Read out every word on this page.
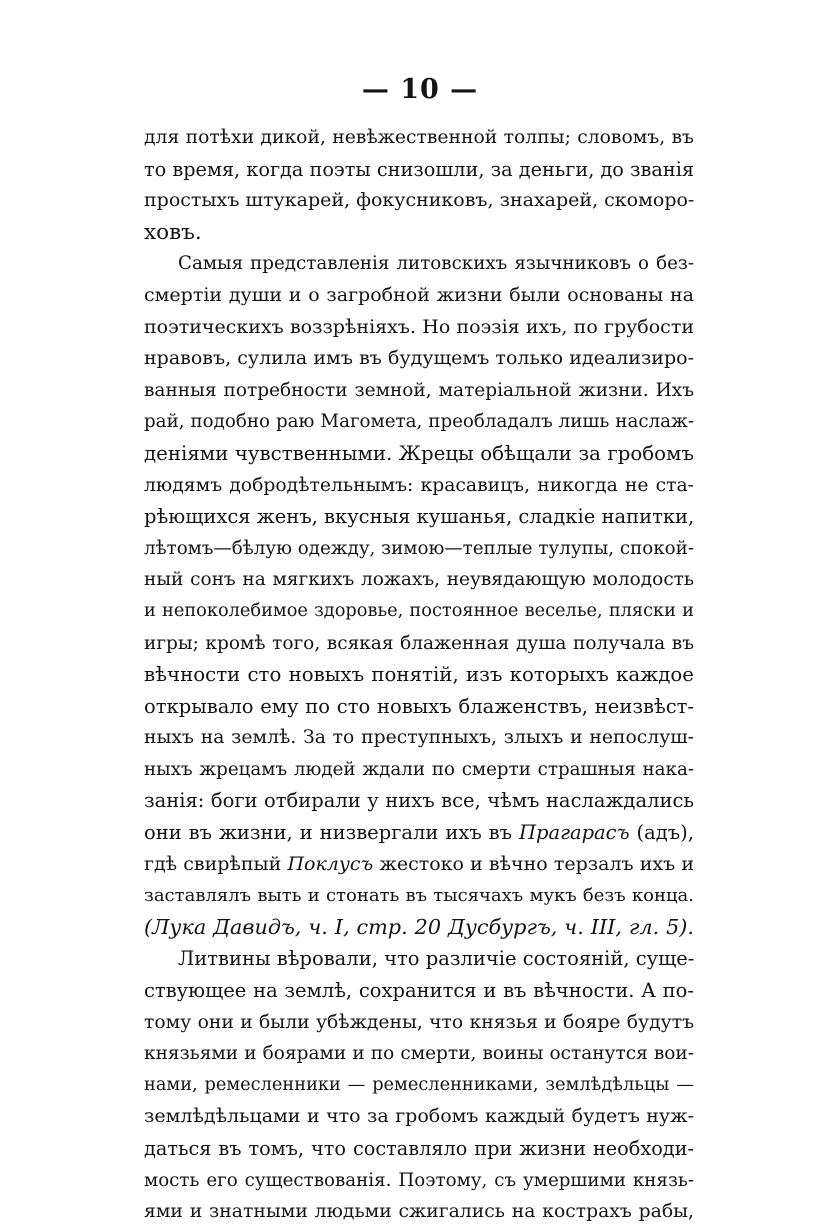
— 10 —
для потѣхи дикой, невѣжественной толпы; словомъ, въ
то время, когда поэты снизошли, за деньги, до званія
простыхъ штукарей, фокусниковъ, знахарей, скоморо-
ховъ.
Самыя представленія литовскихъ язычниковъ о без-
смертіи души и о загробной жизни были основаны на
поэтическихъ воззрѣніяхъ. Но поэзія ихъ, по грубости
нравовъ, сулила имъ въ будущемъ только идеализиро-
ванныя потребности земной, матеріальной жизни. Ихъ
рай, подобно раю Магомета, преобладалъ лишь наслаж-
деніями чувственными. Жрецы обѣщали за гробомъ
людямъ добродѣтельнымъ: красавицъ, никогда не ста-
рѣющихся женъ, вкусныя кушанья, сладкіе напитки,
лѣтомъ—бѣлую одежду, зимою—теплые тулупы, спокой-
ный сонъ на мягкихъ ложахъ, неувядающую молодость
и непоколебимое здоровье, постоянное веселье, пляски и
игры; кромѣ того, всякая блаженная душа получала въ
вѣчности сто новыхъ понятій, изъ которыхъ каждое
открывало ему по сто новыхъ блаженствъ, неизвѣст-
ныхъ на землѣ. За то преступныхъ, злыхъ и непослуш-
ныхъ жрецамъ людей ждали по смерти страшныя нака-
занія: боги отбирали у нихъ все, чѣмъ наслаждались
они въ жизни, и низвергали ихъ въ Прагарасъ (адъ),
гдѣ свирѣпый Поклусъ жестоко и вѣчно терзалъ ихъ и
заставлялъ выть и стонать въ тысячахъ мукъ безъ конца.
(Лука Давидъ, ч. I, стр. 20 Дусбургъ, ч. III, гл. 5).
Литвины вѣровали, что различіе состояній, суще-
ствующее на землѣ, сохранится и въ вѣчности. А по-
тому они и были убѣждены, что князья и бояре будутъ
князьями и боярами и по смерти, воины останутся вои-
нами, ремесленники — ремесленниками, землѣдѣльцы —
землѣдѣльцами и что за гробомъ каждый будетъ нуж-
даться въ томъ, что составляло при жизни необходи-
мость его существованія. Поэтому, съ умершими князь-
ями и знатными людьми сжигались на кострахъ рабы,
